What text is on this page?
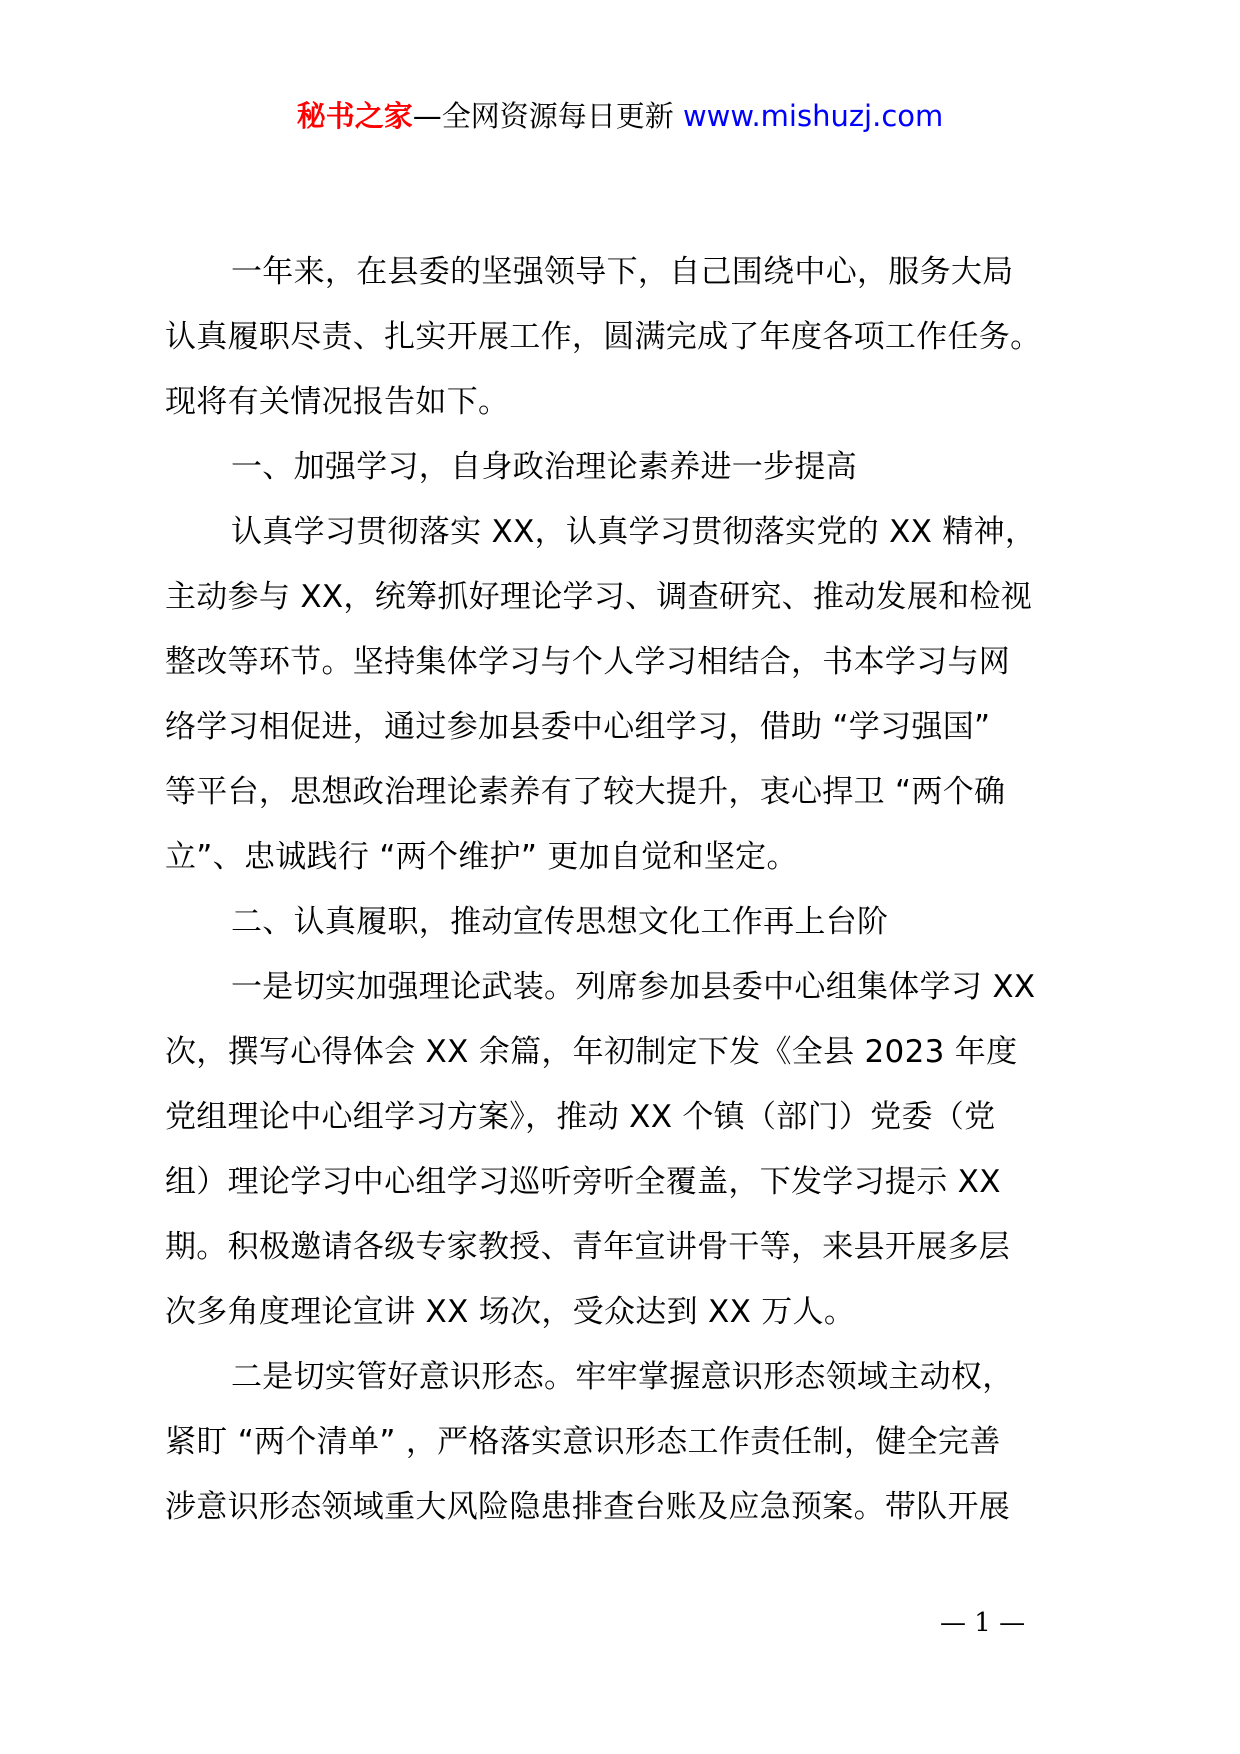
秘书之家—全网资源每日更新 www.mishuzj.com
一年来，在县委的坚强领导下，自己围绕中心，服务大局
认真履职尽责、扎实开展工作，圆满完成了年度各项工作任务。
现将有关情况报告如下。
一、加强学习，自身政治理论素养进一步提高
认真学习贯彻落实 XX，认真学习贯彻落实党的 XX 精神，
主动参与 XX，统筹抓好理论学习、调查研究、推动发展和检视
整改等环节。坚持集体学习与个人学习相结合，书本学习与网
络学习相促进，通过参加县委中心组学习，借助 “学习强国”
等平台，思想政治理论素养有了较大提升，衷心捍卫 “两个确
立”、忠诚践行 “两个维护” 更加自觉和坚定。
二、认真履职，推动宣传思想文化工作再上台阶
一是切实加强理论武装。列席参加县委中心组集体学习 XX
次，撰写心得体会 XX 余篇，年初制定下发《全县 2023 年度
党组理论中心组学习方案》，推动 XX 个镇（部门）党委（党
组）理论学习中心组学习巡听旁听全覆盖，下发学习提示 XX
期。积极邀请各级专家教授、青年宣讲骨干等，来县开展多层
次多角度理论宣讲 XX 场次，受众达到 XX 万人。
二是切实管好意识形态。牢牢掌握意识形态领域主动权，
紧盯 “两个清单” ，严格落实意识形态工作责任制，健全完善
涉意识形态领域重大风险隐患排查台账及应急预案。带队开展
— 1 —
